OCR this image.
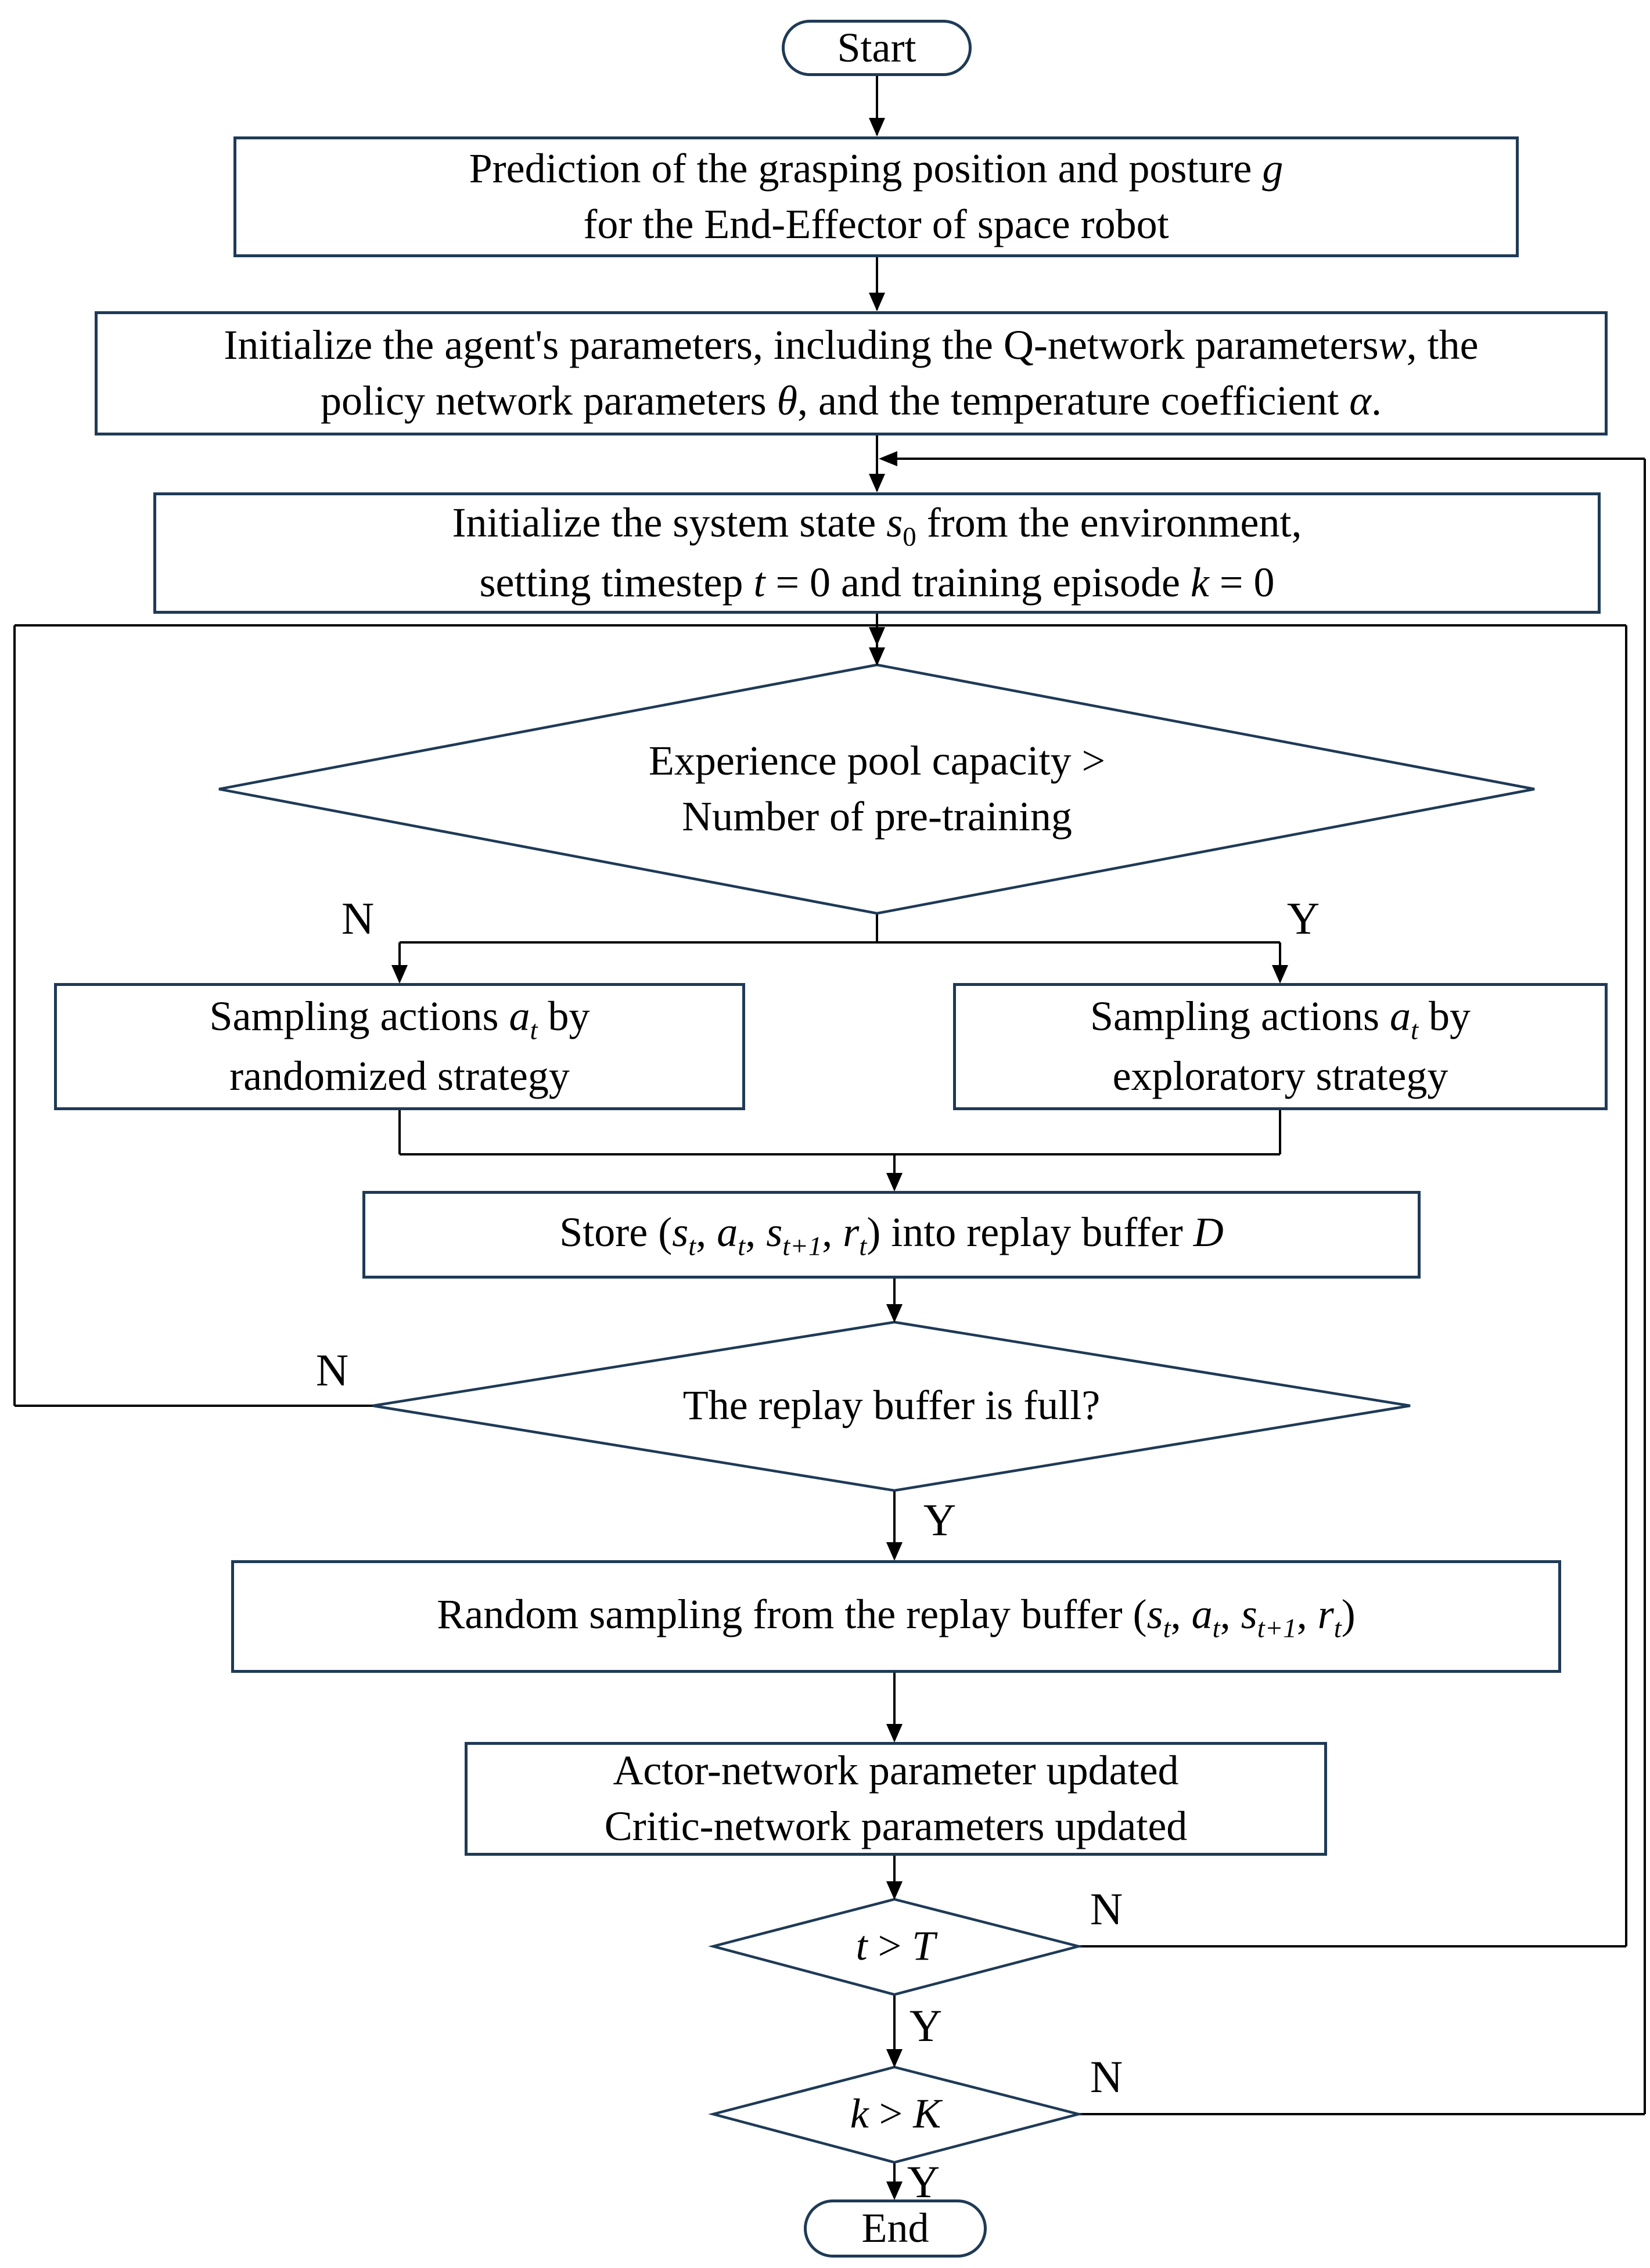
Start
Prediction of the grasping position and posture g
for the End-Effector of space robot
Initialize the agent's parameters, including the Q-network parametersw, the
policy network parameters θ, and the temperature coefficient α.
Initialize the system state $s_0$ from the environment,
setting timestep t = 0 and training episode k = 0
Sampling actions $a_t$ by
randomized strategy
Sampling actions $a_t$ by
exploratory strategy
Store ($s_t$, $a_t$, $s_{t+1}$, $r_t$) into replay buffer D
Random sampling from the replay buffer ($s_t$, $a_t$, $s_{t+1}$, $r_t$)
Actor-network parameter updated
Critic-network parameters updated
End
Experience pool capacity >
Number of pre-training
The replay buffer is full?
t > T
k > K
N	Y
N
Y
N
Y
N
Y
